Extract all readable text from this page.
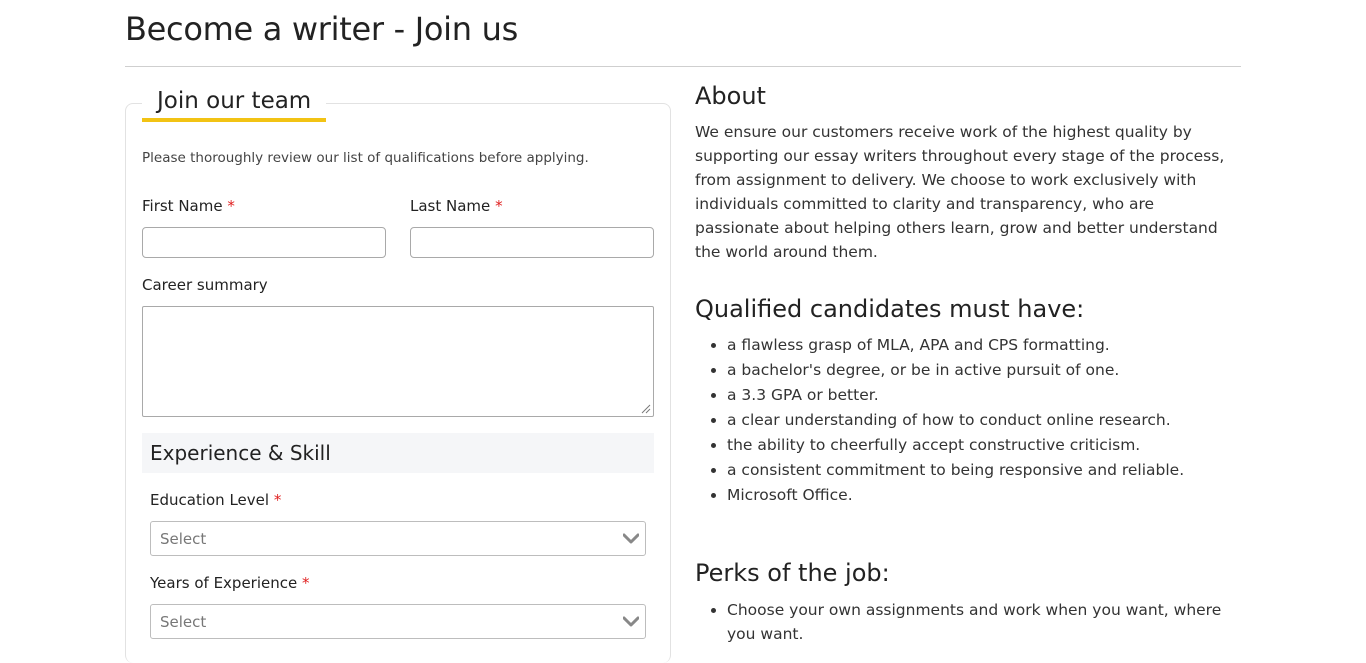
Become a writer - Join us
Join our team
Please thoroughly review our list of qualifications before applying.
First Name *	Last Name *
Career summary
Experience & Skill
Education Level *
Select
Years of Experience *
Select
About

We ensure our customers receive work of the highest quality by supporting our essay writers throughout every stage of the process, from assignment to delivery. We choose to work exclusively with individuals committed to clarity and transparency, who are passionate about helping others learn, grow and better understand the world around them.

Qualified candidates must have:
• a flawless grasp of MLA, APA and CPS formatting.
• a bachelor's degree, or be in active pursuit of one.
• a 3.3 GPA or better.
• a clear understanding of how to conduct online research.
• the ability to cheerfully accept constructive criticism.
• a consistent commitment to being responsive and reliable.
• Microsoft Office.
Perks of the job:
• Choose your own assignments and work when you want, where you want.
